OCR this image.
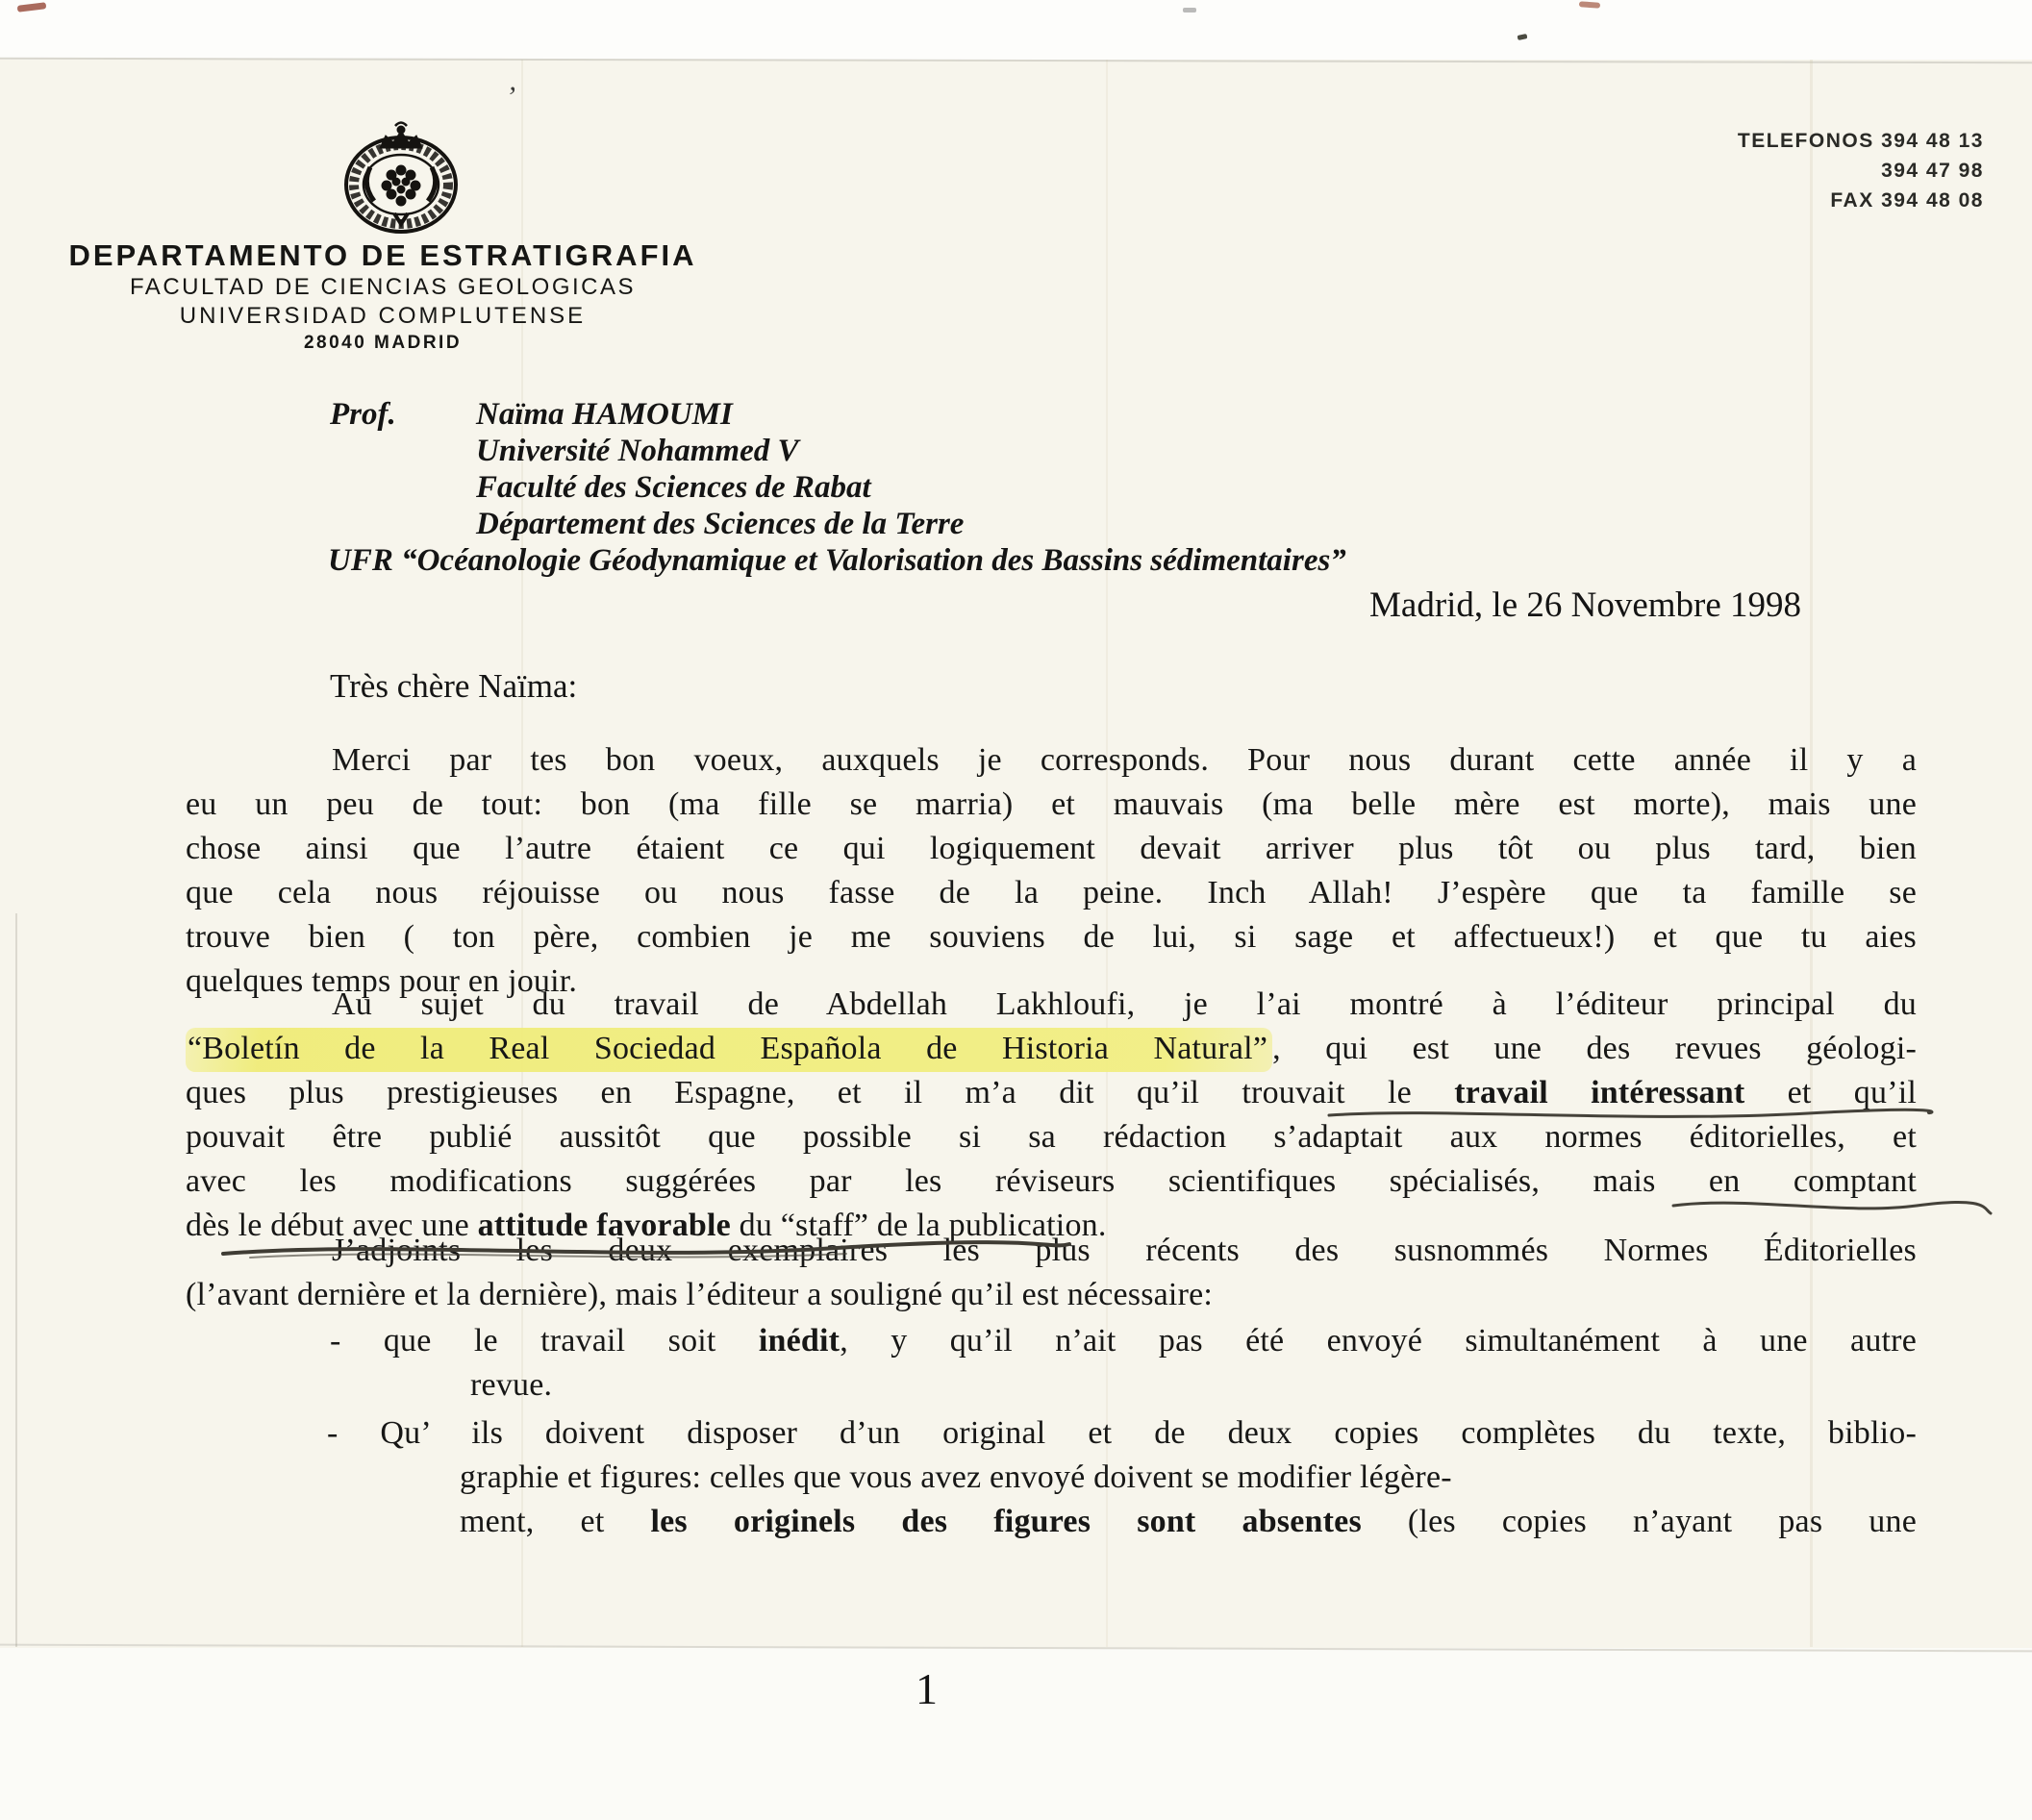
DEPARTAMENTO DE ESTRATIGRAFIA
FACULTAD DE CIENCIAS GEOLOGICAS
UNIVERSIDAD COMPLUTENSE
28040 MADRID
TELEFONOS 394 48 13
394 47 98
FAX 394 48 08
Prof.	Naïma HAMOUMI
Université Nohammed V
Faculté des Sciences de Rabat
Département des Sciences de la Terre
UFR “Océanologie Géodynamique et Valorisation des Bassins sédimentaires”
Madrid, le 26 Novembre 1998
Très chère Naïma:
Merci par tes bon voeux, auxquels je corresponds. Pour nous durant cette année il y a
eu un peu de tout: bon (ma fille se marria) et mauvais (ma belle mère est morte), mais une
chose ainsi que l’autre étaient ce qui logiquement devait arriver plus tôt ou plus tard, bien
que cela nous réjouisse ou nous fasse de la peine. Inch Allah! J’espère que ta famille se
trouve bien ( ton père, combien je me souviens de lui, si sage et affectueux!) et que tu aies
quelques temps pour en jouir.
Au sujet du travail de Abdellah Lakhloufi, je l’ai montré à l’éditeur principal du
“Boletín de la Real Sociedad Española de Historia Natural” , qui est une des revues géologi-
ques plus prestigieuses en Espagne, et il m’a dit qu’il trouvait le travail intéressant et qu’il
pouvait être publié aussitôt que possible si sa rédaction s’adaptait aux normes éditorielles, et
avec les modifications suggérées par les réviseurs scientifiques spécialisés, mais en comptant
dès le début avec une attitude favorable du “staff” de la publication.
J’adjoints les deux exemplaires les plus récents des susnommés Normes Éditorielles
(l’avant dernière et la dernière), mais l’éditeur a souligné qu’il est nécessaire:
- que le travail soit inédit, y qu’il n’ait pas été envoyé simultanément à une autre
revue.
- Qu’ ils doivent disposer d’un original et de deux copies complètes du texte, biblio-
graphie et figures: celles que vous avez envoyé doivent se modifier légère-
ment, et les originels des figures sont absentes (les copies n’ayant pas une
1
’
